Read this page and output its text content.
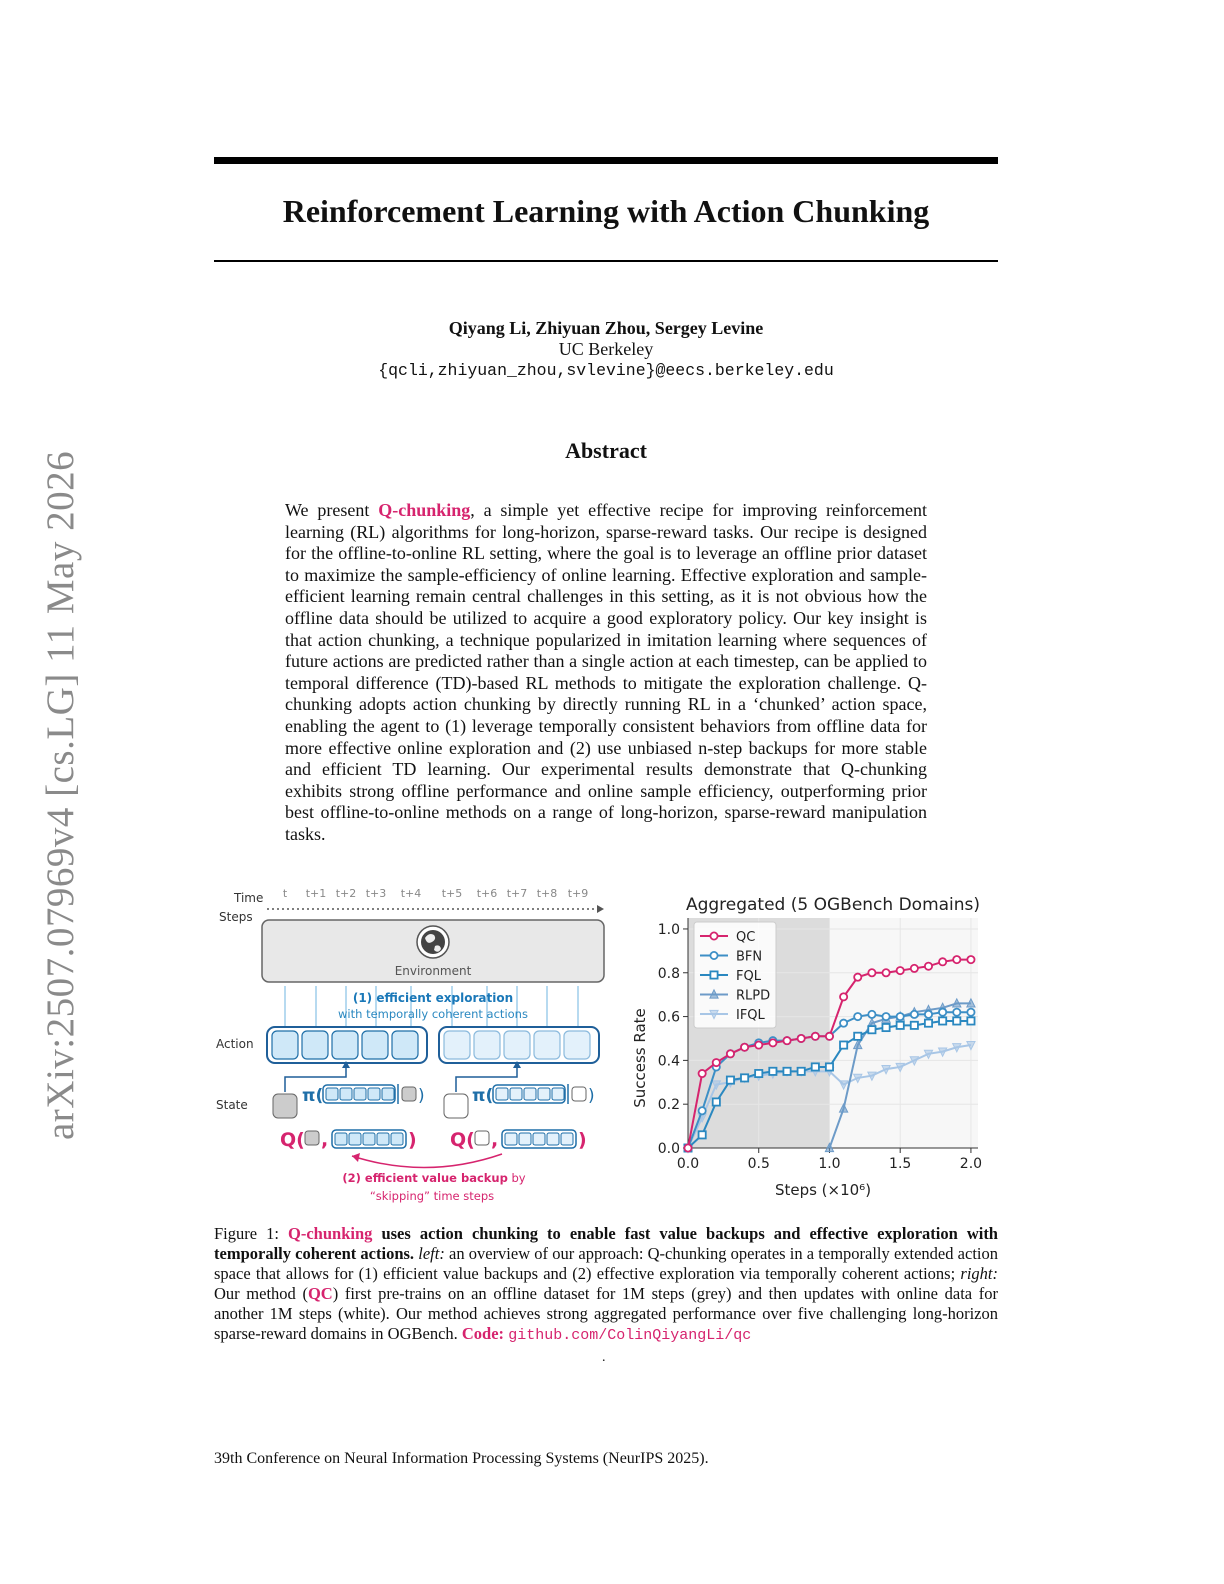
arXiv:2507.07969v4 [cs.LG] 11 May 2026
Reinforcement Learning with Action Chunking
Qiyang Li, Zhiyuan Zhou, Sergey Levine
UC Berkeley
{qcli,zhiyuan_zhou,svlevine}@eecs.berkeley.edu
Abstract
We present Q-chunking, a simple yet effective recipe for improving reinforcement learning (RL) algorithms for long-horizon, sparse-reward tasks. Our recipe is designed for the offline-to-online RL setting, where the goal is to leverage an offline prior dataset to maximize the sample-efficiency of online learning. Effective exploration and sample-efficient learning remain central challenges in this setting, as it is not obvious how the offline data should be utilized to acquire a good exploratory policy. Our key insight is that action chunking, a technique popularized in imitation learning where sequences of future actions are predicted rather than a single action at each timestep, can be applied to temporal difference (TD)-based RL methods to mitigate the exploration challenge. Q-chunking adopts action chunking by directly running RL in a ‘chunked’ action space, enabling the agent to (1) leverage temporally consistent behaviors from offline data for more effective online exploration and (2) use unbiased n-step backups for more stable and efficient TD learning. Our experimental results demonstrate that Q-chunking exhibits strong offline performance and online sample efficiency, outperforming prior best offline-to-online methods on a range of long-horizon, sparse-reward manipulation tasks.
Time
Steps
t t+1 t+2 t+3 t+4 t+5 t+6 t+7 t+8 t+9
Environment
(1) efficient exploration
with temporally coherent actions
Action
State	π(	)	π(	)
Q( ,	) Q( ,	)
(2) efficient value backup by
“skipping” time steps
Aggregated (5 OGBench Domains)
Steps (×10⁶)
Success Rate
0.0	0.5	1.0	1.5	2.0
0.0
0.2
0.4
0.6
0.8
1.0	QC
BFN
FQL
RLPD
IFQL
Figure 1: Q-chunking uses action chunking to enable fast value backups and effective exploration with temporally coherent actions. left: an overview of our approach: Q-chunking operates in a temporally extended action space that allows for (1) efficient value backups and (2) effective exploration via temporally coherent actions; right: Our method (QC) first pre-trains on an offline dataset for 1M steps (grey) and then updates with online data for another 1M steps (white). Our method achieves strong aggregated performance over five challenging long-horizon sparse-reward domains in OGBench. Code: github.com/ColinQiyangLi/qc
.
39th Conference on Neural Information Processing Systems (NeurIPS 2025).
